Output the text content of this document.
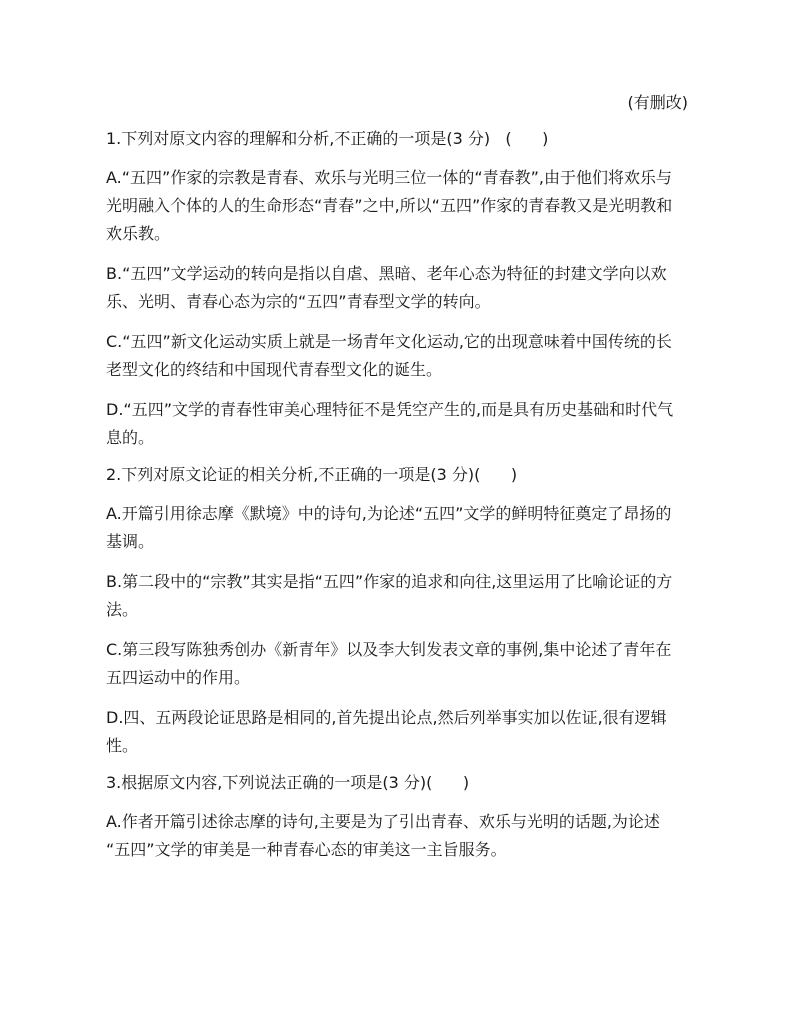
(有删改)

1.下列对原文内容的理解和分析,不正确的一项是(3 分)   (      )

A.“五四”作家的宗教是青春、欢乐与光明三位一体的“青春教”,由于他们将欢乐与
光明融入个体的人的生命形态“青春”之中,所以“五四”作家的青春教又是光明教和
欢乐教。
B.“五四”文学运动的转向是指以自虐、黑暗、老年心态为特征的封建文学向以欢
乐、光明、青春心态为宗的“五四”青春型文学的转向。
C.“五四”新文化运动实质上就是一场青年文化运动,它的出现意味着中国传统的长
老型文化的终结和中国现代青春型文化的诞生。
D.“五四”文学的青春性审美心理特征不是凭空产生的,而是具有历史基础和时代气
息的。

2.下列对原文论证的相关分析,不正确的一项是(3 分)(      )

A.开篇引用徐志摩《默境》中的诗句,为论述“五四”文学的鲜明特征奠定了昂扬的
基调。
B.第二段中的“宗教”其实是指“五四”作家的追求和向往,这里运用了比喻论证的方
法。
C.第三段写陈独秀创办《新青年》以及李大钊发表文章的事例,集中论述了青年在
五四运动中的作用。
D.四、五两段论证思路是相同的,首先提出论点,然后列举事实加以佐证,很有逻辑
性。

3.根据原文内容,下列说法正确的一项是(3 分)(      )

A.作者开篇引述徐志摩的诗句,主要是为了引出青春、欢乐与光明的话题,为论述
“五四”文学的审美是一种青春心态的审美这一主旨服务。
